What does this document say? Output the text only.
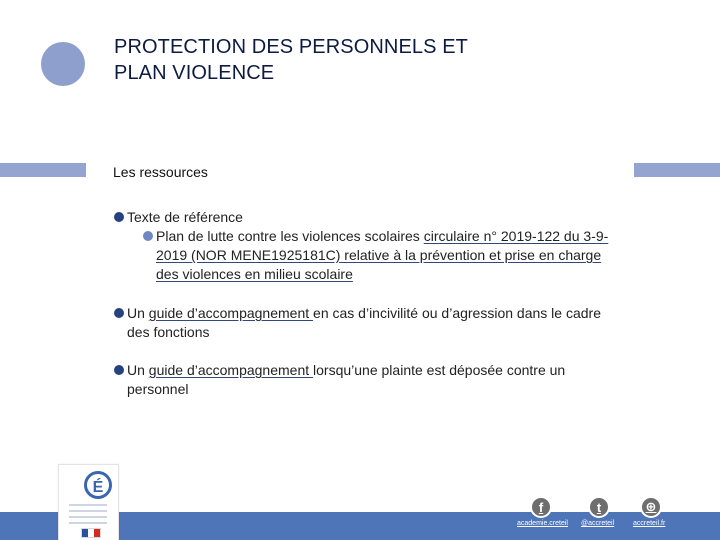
PROTECTION DES PERSONNELS ET
PLAN VIOLENCE

Les ressources

Texte de référence
Plan de lutte contre les violences scolaires circulaire n° 2019-122 du 3-9-2019 (NOR MENE1925181C) relative à la prévention et prise en charge des violences en milieu scolaire
Un guide d’accompagnement en cas d’incivilité ou d’agression dans le cadre des fonctions
Un guide d’accompagnement lorsqu’une plainte est déposée contre un personnel
É
f	t	⊕
academie.creteil @accreteil	accreteil.fr
